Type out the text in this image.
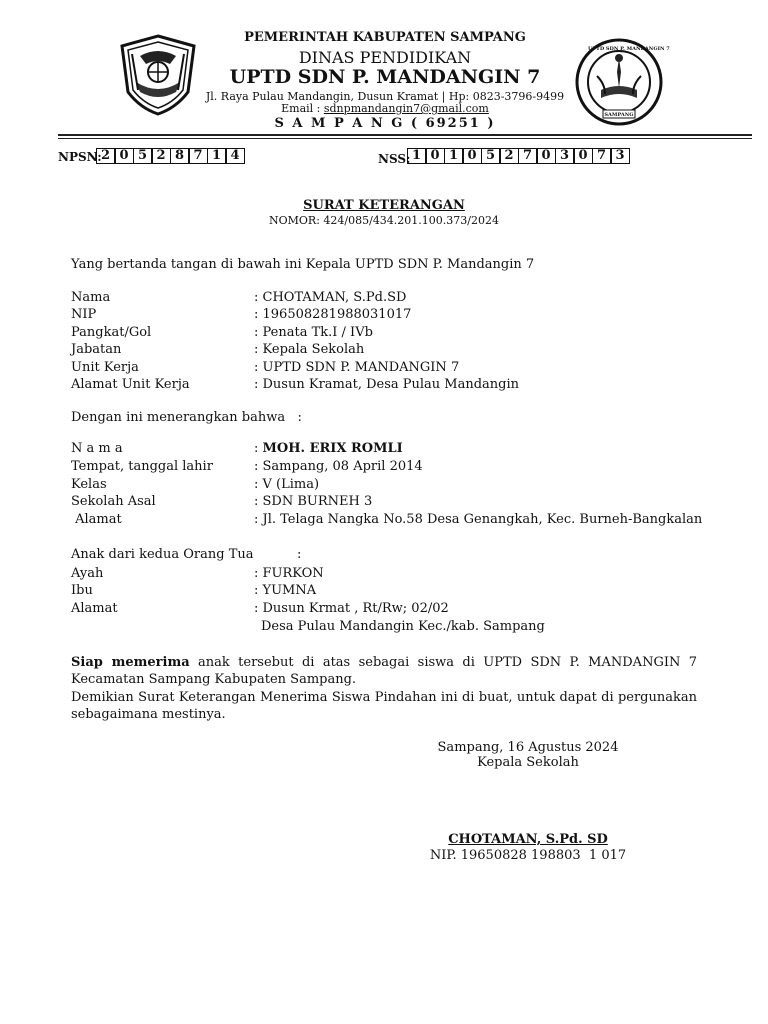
UPTD SDN P. MANDANGIN 7
SAMPANG
PEMERINTAH KABUPATEN SAMPANG
DINAS PENDIDIKAN
UPTD SDN P. MANDANGIN 7
Jl. Raya Pulau Mandangin, Dusun Kramat | Hp: 0823-3796-9499
Email : sdnpmandangin7@gmail.com
S A M P A N G ( 69251 )
NPSN: 2 0 5 2 8 7 1 4	NSS: 1 0 1 0 5 2 7 0 3 0 7 3
SURAT KETERANGAN
NOMOR: 424/085/434.201.100.373/2024
Yang bertanda tangan di bawah ini Kepala UPTD SDN P. Mandangin 7
Nama	: CHOTAMAN, S.Pd.SD
NIP	: 196508281988031017
Pangkat/Gol	: Penata Tk.I / IVb
Jabatan	: Kepala Sekolah
Unit Kerja	: UPTD SDN P. MANDANGIN 7
Alamat Unit Kerja	: Dusun Kramat, Desa Pulau Mandangin
Dengan ini menerangkan bahwa   :
N a m a	: MOH. ERIX ROMLI
Tempat, tanggal lahir	: Sampang, 08 April 2014
Kelas	: V (Lima)
Sekolah Asal	: SDN BURNEH 3
Alamat	: Jl. Telaga Nangka No.58 Desa Genangkah, Kec. Burneh-Bangkalan
Anak dari kedua Orang Tua	:
Ayah	: FURKON
Ibu	: YUMNA
Alamat	: Dusun Krmat , Rt/Rw; 02/02
Desa Pulau Mandangin Kec./kab. Sampang
Siap memerima anak tersebut di atas sebagai siswa di UPTD SDN P. MANDANGIN 7 Kecamatan Sampang Kabupaten Sampang.
Demikian Surat Keterangan Menerima Siswa Pindahan ini di buat, untuk dapat di pergunakan sebagaimana mestinya.
Sampang, 16 Agustus 2024
Kepala Sekolah
CHOTAMAN, S.Pd. SD
NIP. 19650828 198803  1 017
